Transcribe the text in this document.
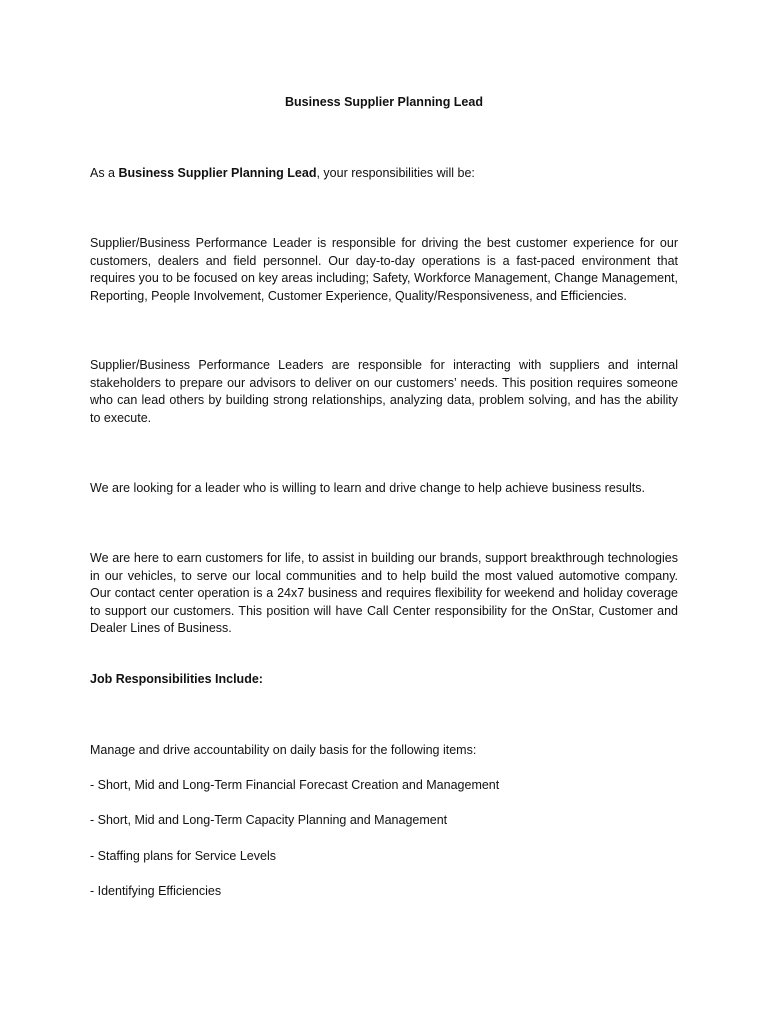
Business Supplier Planning Lead
As a Business Supplier Planning Lead, your responsibilities will be:
Supplier/Business Performance Leader is responsible for driving the best customer experience for our customers, dealers and field personnel. Our day-to-day operations is a fast-paced environment that requires you to be focused on key areas including; Safety, Workforce Management, Change Management, Reporting, People Involvement, Customer Experience, Quality/Responsiveness, and Efficiencies.
Supplier/Business Performance Leaders are responsible for interacting with suppliers and internal stakeholders to prepare our advisors to deliver on our customers’ needs. This position requires someone who can lead others by building strong relationships, analyzing data, problem solving, and has the ability to execute.
We are looking for a leader who is willing to learn and drive change to help achieve business results.
We are here to earn customers for life, to assist in building our brands, support breakthrough technologies in our vehicles, to serve our local communities and to help build the most valued automotive company. Our contact center operation is a 24x7 business and requires flexibility for weekend and holiday coverage to support our customers. This position will have Call Center responsibility for the OnStar, Customer and Dealer Lines of Business.
Job Responsibilities Include:
Manage and drive accountability on daily basis for the following items:
- Short, Mid and Long-Term Financial Forecast Creation and Management
- Short, Mid and Long-Term Capacity Planning and Management
- Staffing plans for Service Levels
- Identifying Efficiencies
